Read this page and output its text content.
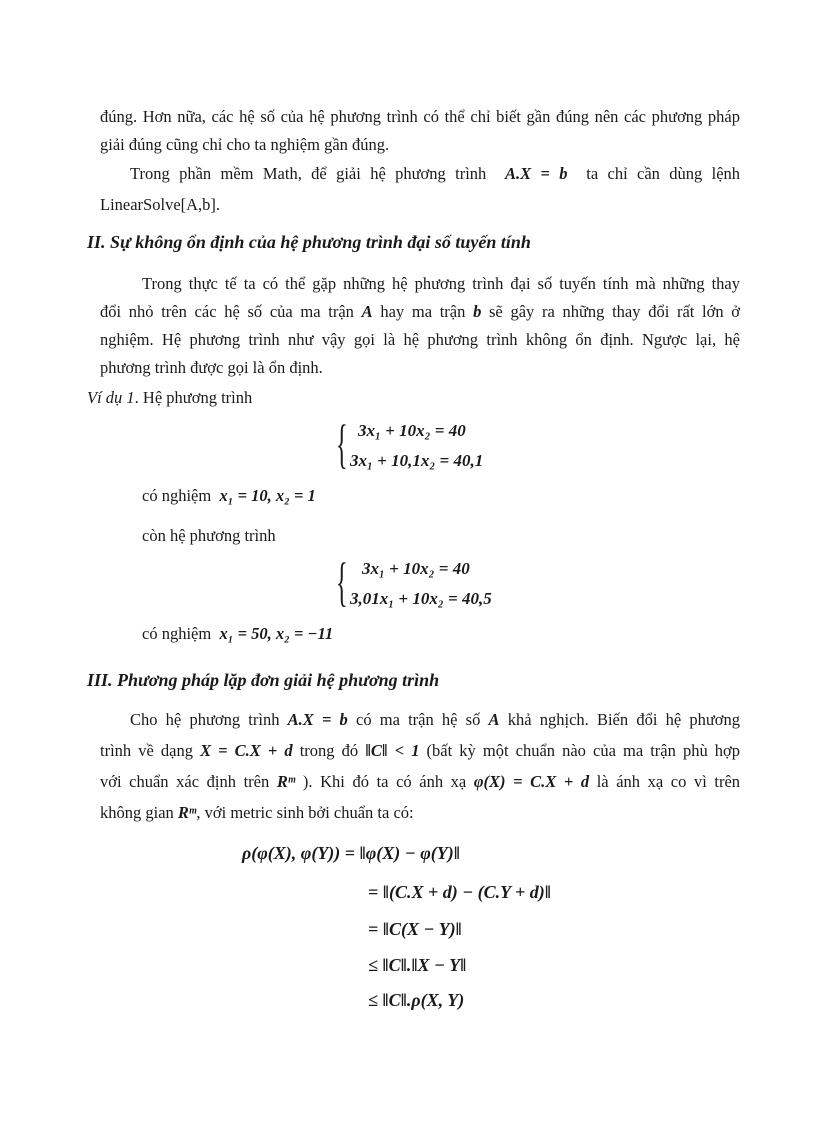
đúng. Hơn nữa, các hệ số của hệ phương trình có thể chỉ biết gần đúng nên các phương pháp
giải đúng cũng chỉ cho ta nghiệm gần đúng.
Trong phần mềm Math, để giải hệ phương trình A.X = b ta chỉ cần dùng lệnh
LinearSolve[A,b].
II. Sự không ổn định của hệ phương trình đại số tuyến tính
Trong thực tế ta có thể gặp những hệ phương trình đại số tuyến tính mà những thay
đổi nhỏ trên các hệ số của ma trận A hay ma trận b sẽ gây ra những thay đổi rất lớn ở
nghiệm. Hệ phương trình như vậy gọi là hệ phương trình không ổn định. Ngược lại, hệ
phương trình được gọi là ổn định.
Ví dụ 1. Hệ phương trình
{ 3x₁ + 10x₂ = 40
3x₁ + 10,1x₂ = 40,1
có nghiệm x₁ = 10, x₂ = 1
còn hệ phương trình
{ 3x₁ + 10x₂ = 40
3,01x₁ + 10x₂ = 40,5
có nghiệm x₁ = 50, x₂ = −11
III. Phương pháp lặp đơn giải hệ phương trình
Cho hệ phương trình A.X = b có ma trận hệ số A khả nghịch. Biến đổi hệ phương
trình về dạng X = C.X + d trong đó ‖C‖ < 1 (bất kỳ một chuẩn nào của ma trận phù hợp
với chuẩn xác định trên Rᵐ ). Khi đó ta có ánh xạ φ(X) = C.X + d là ánh xạ co vì trên
không gian Rᵐ, với metric sinh bởi chuẩn ta có:
ρ(φ(X), φ(Y)) = ‖φ(X) − φ(Y)‖
= ‖(C.X + d) − (C.Y + d)‖
= ‖C(X − Y)‖
≤ ‖C‖.‖X − Y‖
≤ ‖C‖.ρ(X, Y)
